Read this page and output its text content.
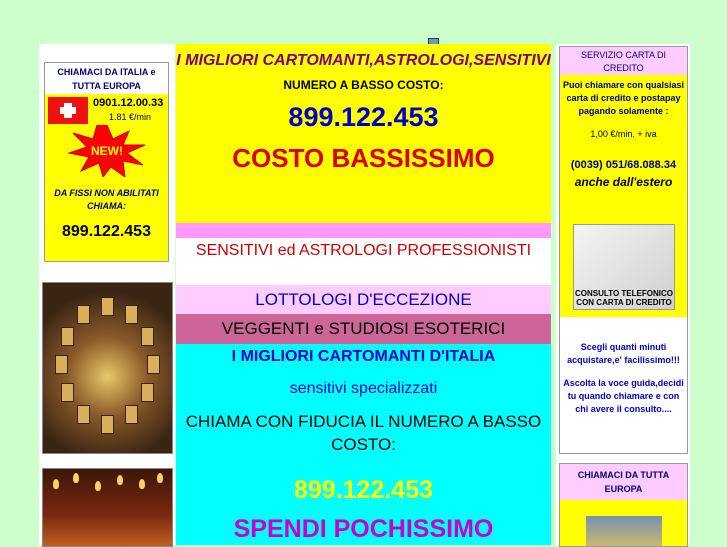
CHIAMACI DA ITALIA e TUTTA EUROPA
0901.12.00.33
1.81 €/min
NEW!
DA FISSI NON ABILITATI CHIAMA:
899.122.453
I MIGLIORI CARTOMANTI,ASTROLOGI,SENSITIVI
NUMERO A BASSO COSTO:
899.122.453
COSTO BASSISSIMO
SENSITIVI ed ASTROLOGI PROFESSIONISTI
LOTTOLOGI D'ECCEZIONE
VEGGENTI e STUDIOSI ESOTERICI
I MIGLIORI CARTOMANTI D'ITALIA
sensitivi specializzati
CHIAMA CON FIDUCIA IL NUMERO A BASSO COSTO:
899.122.453
SPENDI POCHISSIMO
SERVIZIO CARTA DI CREDITO
Puoi chiamare con qualsiasi carta di credito e postapay pagando solamente :
1,00 €/min. + iva
(0039) 051/68.088.34
anche dall'estero
CONSULTO TELEFONICO CON CARTA DI CREDITO
Scegli quanti minuti acquistare,e' facilissimo!!!
Ascolta la voce guida,decidi tu quando chiamare e con chi avere il consulto....
CHIAMACI DA TUTTA EUROPA
